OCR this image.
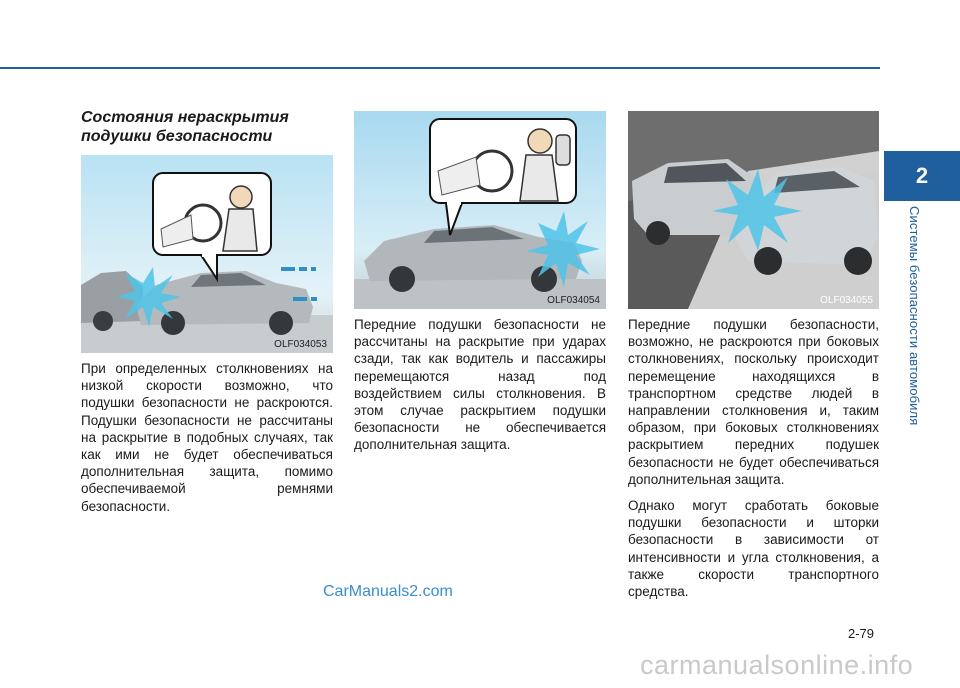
2
Системы безопасности автомобиля
Состояния нераскрытия подушки безопасности
OLF034053
OLF034054	OLF034055

При определенных столкновениях на низкой скорости возможно, что подушки безопасности не раскроются. Подушки безопасности не рассчитаны на раскрытие в подобных случаях, так как ими не будет обеспечиваться дополнительная защита, помимо обеспечиваемой ремнями безопасности.

Передние подушки безопасности не рассчитаны на раскрытие при ударах сзади, так как водитель и пассажиры перемещаются назад под воздействием силы столкновения. В этом случае раскрытием подушки безопасности не обеспечивается дополнительная защита.

Передние подушки безопасности, возможно, не раскроются при боковых столкновениях, поскольку происходит перемещение находящихся в транспортном средстве людей в направлении столкновения и, таким образом, при боковых столкновениях раскрытием передних подушек безопасности не будет обеспечиваться дополнительная защита.

Однако могут сработать боковые подушки безопасности и шторки безопасности в зависимости от интенсивности и угла столкновения, а также скорости транспортного средства.

CarManuals2.com
2-79
carmanualsonline.info
